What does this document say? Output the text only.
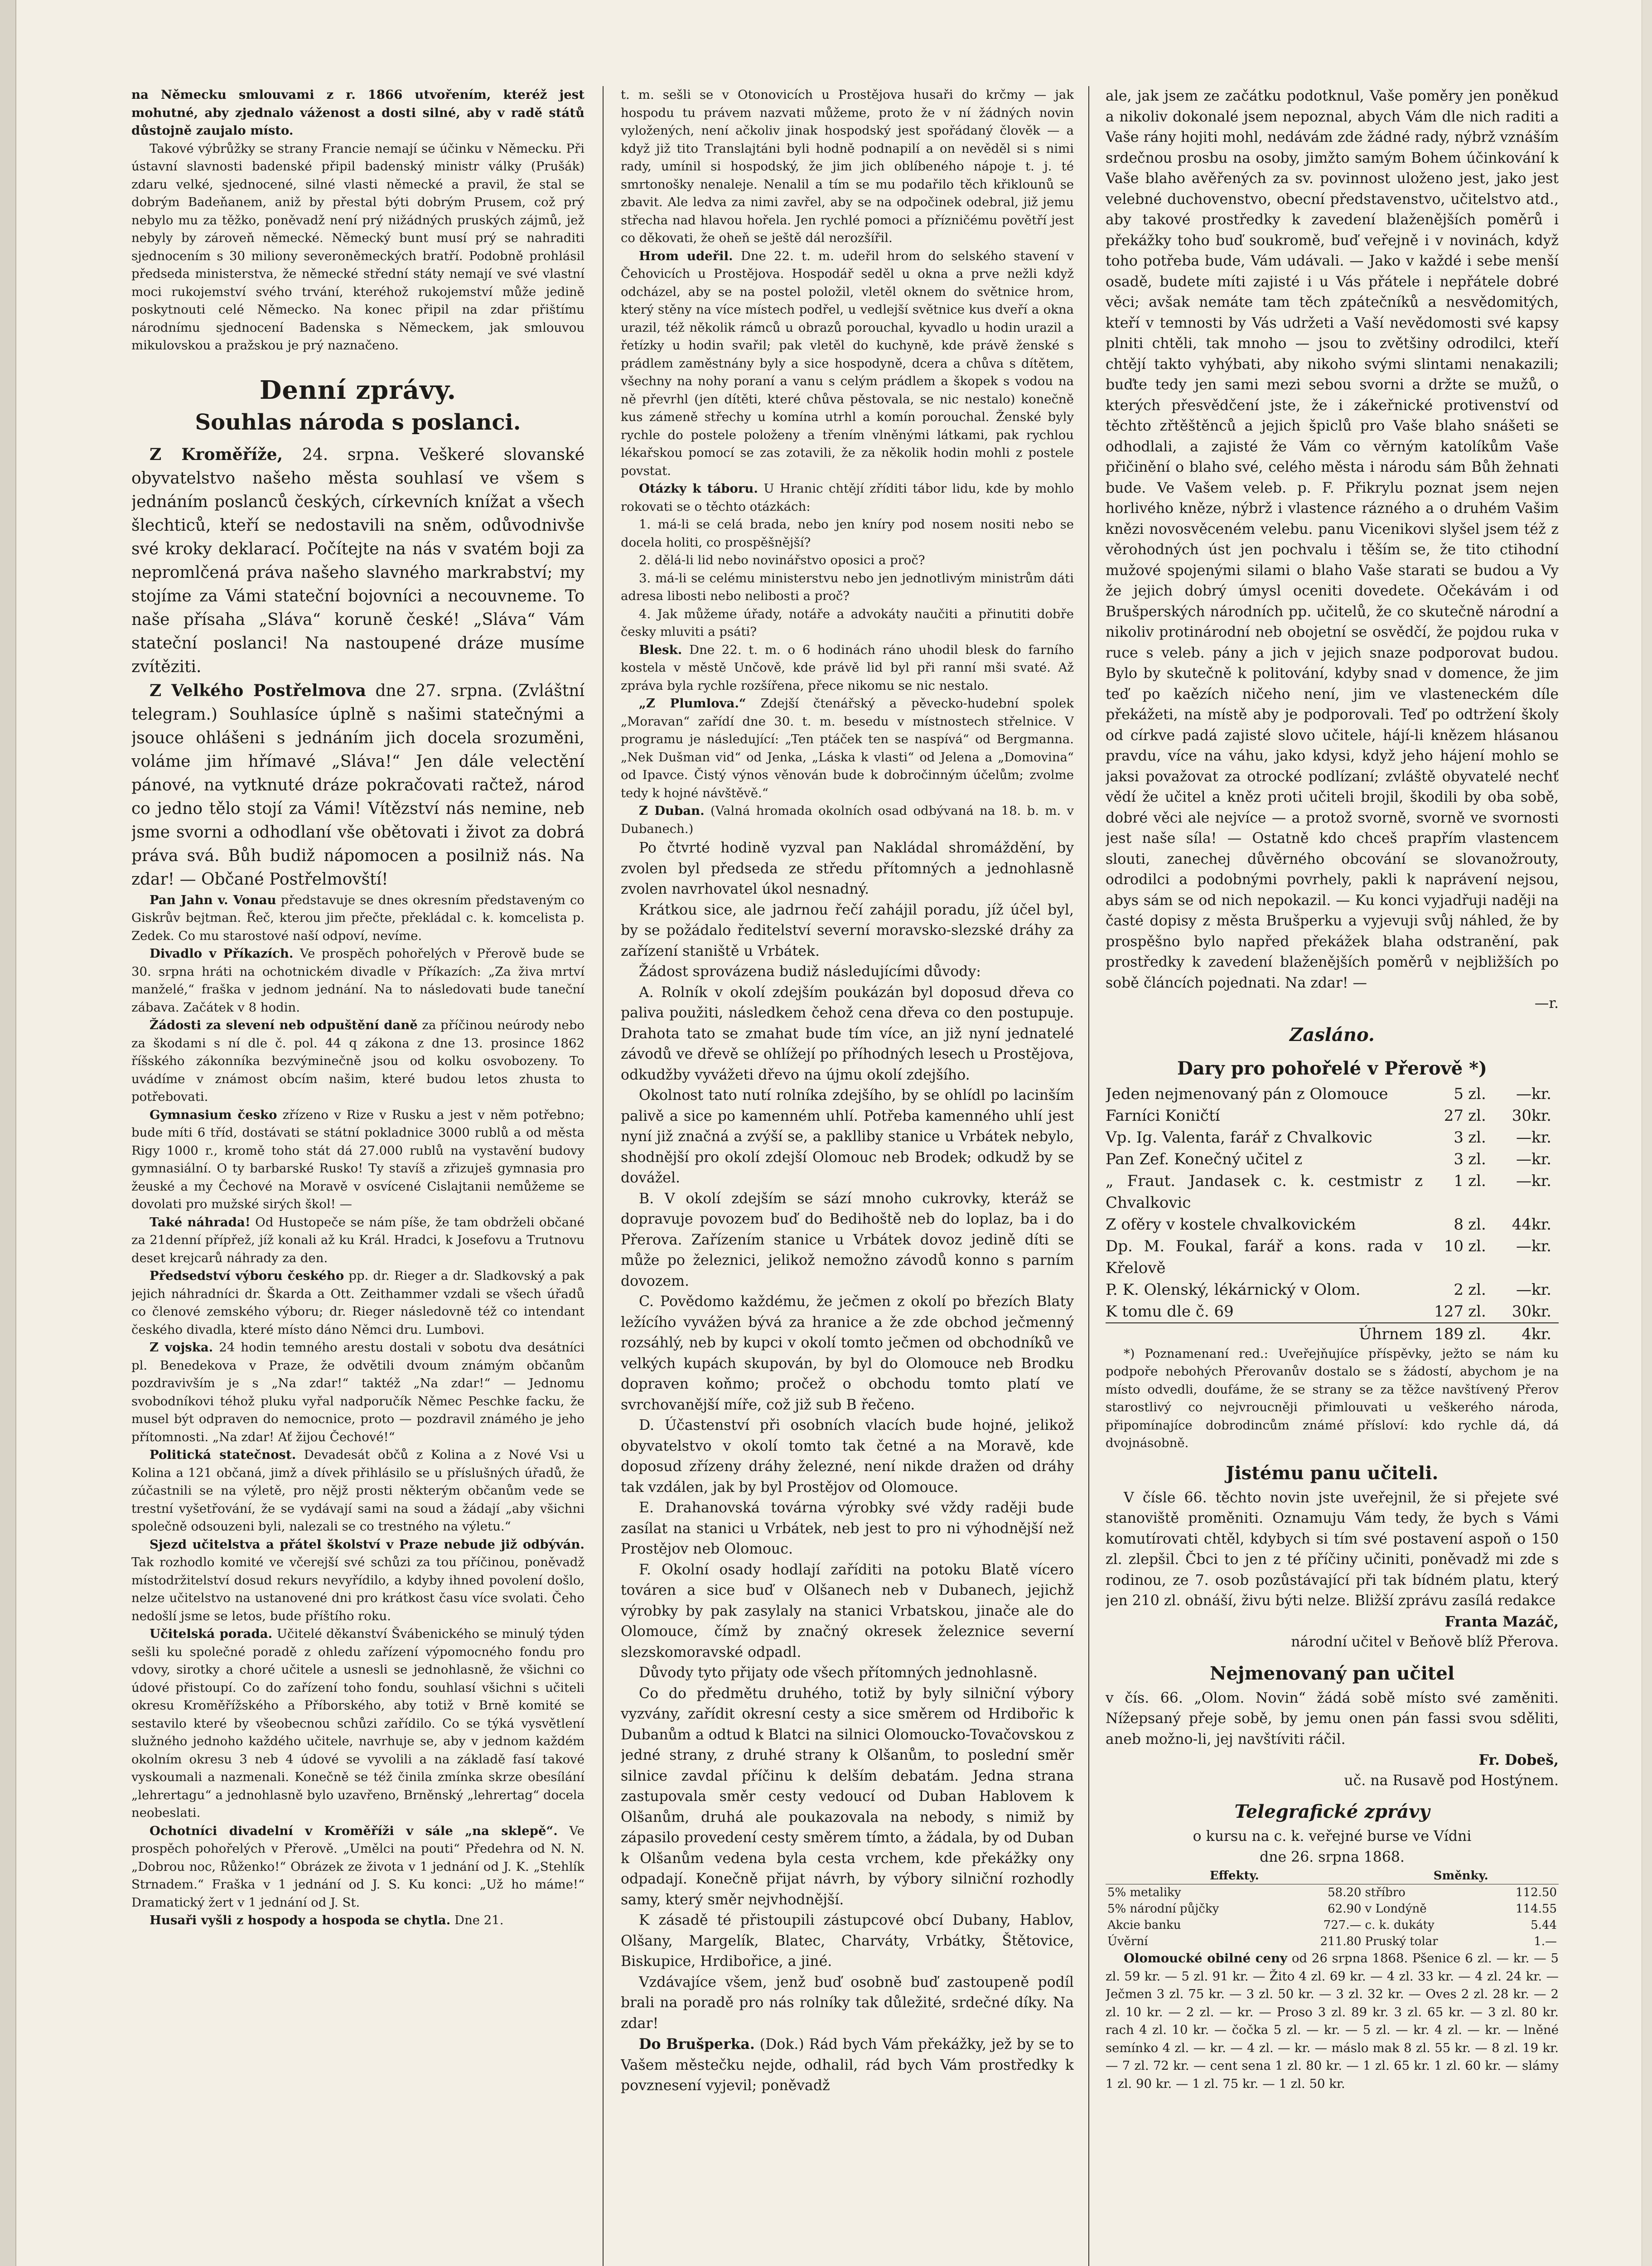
na Německu smlouvami z r. 1866 utvořením, kteréž jest mohutné, aby zjednalo váženost a dosti silné, aby v radě států důstojně zaujalo místo.

Takové výbrůžky se strany Francie nemají se účinku v Německu. Při ústavní slavnosti badenské připil badenský ministr války (Prušák) zdaru velké, sjednocené, silné vlasti německé a pravil, že stal se dobrým Badeňanem, aniž by přestal býti dobrým Prusem, což prý nebylo mu za těžko, poněvadž není prý nižádných pruských zájmů, jež nebyly by zároveň německé. Německý bunt musí prý se nahraditi sjednocením s 30 miliony severoněmeckých bratří. Podobně prohlásil předseda ministerstva, že německé střední státy nemají ve své vlastní moci rukojemství svého trvání, kteréhož rukojemství může jedině poskytnouti celé Německo. Na konec připil na zdar přištímu národnímu sjednocení Badenska s Německem, jak smlouvou mikulovskou a pražskou je prý naznačeno.

Denní zprávy.
Souhlas národa s poslanci.

Z Kroměříže, 24. srpna. Veškeré slovanské obyvatelstvo našeho města souhlasí ve všem s jednáním poslanců českých, církevních knížat a všech šlechticů, kteří se nedostavili na sněm, odůvodnivše své kroky deklarací. Počítejte na nás v svatém boji za nepromlčená práva našeho slavného markrabství; my stojíme za Vámi stateční bojovníci a necouvneme. To naše přísaha „Sláva“ koruně české! „Sláva“ Vám stateční poslanci! Na nastoupené dráze musíme zvítěziti.

Z Velkého Postřelmova dne 27. srpna. (Zvláštní telegram.) Souhlasíce úplně s našimi statečnými a jsouce ohlášeni s jednáním jich docela srozuměni, voláme jim hřímavé „Sláva!“ Jen dále velectění pánové, na vytknuté dráze pokračovati račtež, národ co jedno tělo stojí za Vámi! Vítězství nás nemine, neb jsme svorni a odhodlaní vše obětovati i život za dobrá práva svá. Bůh budiž nápomocen a posilniž nás. Na zdar! — Občané Postřelmovští!

Pan Jahn v. Vonau představuje se dnes okresním představeným co Giskrův bejtman. Řeč, kterou jim přečte, překládal c. k. komcelista p. Zedek. Co mu starostové naší odpoví, nevíme.

Divadlo v Příkazích. Ve prospěch pohořelých v Přerově bude se 30. srpna hráti na ochotnickém divadle v Příkazích: „Za živa mrtví manželé,“ fraška v jednom jednání. Na to následovati bude taneční zábava. Začátek v 8 hodin.

Žádosti za slevení neb odpuštění daně za příčinou neúrody nebo za škodami s ní dle č. pol. 44 q zákona z dne 13. prosince 1862 říšského zákonníka bezvýminečně jsou od kolku osvobozeny. To uvádíme v známost obcím našim, které budou letos zhusta to potřebovati.

Gymnasium česko zřízeno v Rize v Rusku a jest v něm potřebno; bude míti 6 tříd, dostávati se státní pokladnice 3000 rublů a od města Rigy 1000 r., kromě toho stát dá 27.000 rublů na vystavění budovy gymnasiální. O ty barbarské Rusko! Ty stavíš a zřizuješ gymnasia pro žeuské a my Čechové na Moravě v osvícené Cislajtanii nemůžeme se dovolati pro mužské sirých škol! —

Také náhrada! Od Hustopeče se nám píše, že tam obdrželi občané za 21denní přípřež, jíž konali až ku Král. Hradci, k Josefovu a Trutnovu deset krejcarů náhrady za den.

Předsedství výboru českého pp. dr. Rieger a dr. Sladkovský a pak jejich náhradníci dr. Škarda a Ott. Zeithammer vzdali se všech úřadů co členové zemského výboru; dr. Rieger následovně též co intendant českého divadla, které místo dáno Němci dru. Lumbovi.

Z vojska. 24 hodin temného arestu dostali v sobotu dva desátníci pl. Benedekova v Praze, že odvětili dvoum známým občanům pozdravivším je s „Na zdar!“ taktéž „Na zdar!“ — Jednomu svobodníkovi téhož pluku vyřal nadporučík Němec Peschke facku, že musel být odpraven do nemocnice, proto — pozdravil známého je jeho přítomnosti. „Na zdar! Ať žijou Čechové!“

Politická statečnost. Devadesát občů z Kolina a z Nové Vsi u Kolina a 121 občaná, jimž a dívek přihlásilo se u příslušných úřadů, že zúčastnili se na výletě, pro nějž prosti některým občanům vede se trestní vyšetřování, že se vydávají sami na soud a žádají „aby všichni společně odsouzeni byli, nalezali se co trestného na výletu.“

Sjezd učitelstva a přátel školství v Praze nebude již odbýván. Tak rozhodlo komité ve včerejší své schůzi za tou příčinou, poněvadž místodržitelství dosud rekurs nevyřídilo, a kdyby ihned povolení došlo, nelze učitelstvo na ustanovené dni pro krátkost času více svolati. Čeho nedošlí jsme se letos, bude příštího roku.

Učitelská porada. Učitelé děkanství Švábenického se minulý týden sešli ku společné poradě z ohledu zařízení výpomocného fondu pro vdovy, sirotky a choré učitele a usnesli se jednohlasně, že všichni co údové přistoupí. Co do zařízení toho fondu, souhlasí všichni s učiteli okresu Kroměřížského a Příborského, aby totiž v Brně komité se sestavilo které by všeobecnou schůzi zařídilo. Co se týká vysvětlení služného jednoho každého učitele, navrhuje se, aby v jednom každém okolním okresu 3 neb 4 údové se vyvolili a na základě fasí takové vyskoumali a nazmenali. Konečně se též činila zmínka skrze obesílání „lehrertagu“ a jednohlasně bylo uzavřeno, Brněnský „lehrertag“ docela neobeslati.

Ochotníci divadelní v Kroměříži v sále „na sklepě“. Ve prospěch pohořelých v Přerově. „Umělci na pouti“ Předehra od N. N. „Dobrou noc, Růženko!“ Obrázek ze života v 1 jednání od J. K. „Stehlík Strnadem.“ Fraška v 1 jednání od J. S. Ku konci: „Už ho máme!“ Dramatický žert v 1 jednání od J. St.

Husaři vyšli z hospody a hospoda se chytla. Dne 21.

t. m. sešli se v Otonovicích u Prostějova husaři do krčmy — jak hospodu tu právem nazvati můžeme, proto že v ní žádných novin vyložených, není ačkoliv jinak hospodský jest spořádaný člověk — a když již tito Translajtáni byli hodně podnapilí a on nevěděl si s nimi rady, umínil si hospodský, že jim jich oblíbeného nápoje t. j. té smrtonošky nenaleje. Nenalil a tím se mu podařilo těch křiklounů se zbavit. Ale ledva za nimi zavřel, aby se na odpočinek odebral, již jemu střecha nad hlavou hořela. Jen rychlé pomoci a přízničému povětří jest co děkovati, že oheň se ještě dál nerozšířil.

Hrom udeřil. Dne 22. t. m. udeřil hrom do selského stavení v Čehovicích u Prostějova. Hospodář seděl u okna a prve nežli když odcházel, aby se na postel položil, vletěl oknem do světnice hrom, který stěny na více místech podřel, u vedlejší světnice kus dveří a okna urazil, též několik rámců u obrazů porouchal, kyvadlo u hodin urazil a řetízky u hodin svařil; pak vletěl do kuchyně, kde právě ženské s prádlem zaměstnány byly a sice hospodyně, dcera a chůva s dítětem, všechny na nohy poraní a vanu s celým prádlem a škopek s vodou na ně převrhl (jen dítěti, které chůva pěstovala, se nic nestalo) konečně kus zámeně střechy u komína utrhl a komín porouchal. Ženské byly rychle do postele položeny a třením vlněnými látkami, pak rychlou lékařskou pomocí se zas zotavili, že za několik hodin mohli z postele povstat.

Otázky k táboru. U Hranic chtějí zříditi tábor lidu, kde by mohlo rokovati se o těchto otázkách:

1. má-li se celá brada, nebo jen kníry pod nosem nositi nebo se docela holiti, co prospěšnější?

2. dělá-li lid nebo novinářstvo oposici a proč?

3. má-li se celému ministerstvu nebo jen jednotlivým ministrům dáti adresa libosti nebo nelibosti a proč?

4. Jak můžeme úřady, notáře a advokáty naučiti a přinutiti dobře česky mluviti a psáti?

Blesk. Dne 22. t. m. o 6 hodinách ráno uhodil blesk do farního kostela v městě Unčově, kde právě lid byl při ranní mši svaté. Až zpráva byla rychle rozšířena, přece nikomu se nic nestalo.

„Z Plumlova.“ Zdejší čtenářský a pěvecko-hudební spolek „Moravan“ zařídí dne 30. t. m. besedu v místnostech střelnice. V programu je následující: „Ten ptáček ten se naspívá“ od Bergmanna. „Nek Dušman vid“ od Jenka, „Láska k vlasti“ od Jelena a „Domovina“ od Ipavce. Čistý výnos věnován bude k dobročinným účelům; zvolme tedy k hojné návštěvě.“

Z Duban. (Valná hromada okolních osad odbývaná na 18. b. m. v Dubanech.)

Po čtvrté hodině vyzval pan Nakládal shromáždění, by zvolen byl předseda ze středu přítomných a jednohlasně zvolen navrhovatel úkol nesnadný.

Krátkou sice, ale jadrnou řečí zahájil poradu, jíž účel byl, by se požádalo ředitelství severní moravsko-slezské dráhy za zařízení staniště u Vrbátek.

Žádost sprovázena budiž následujícími důvody:

A. Rolník v okolí zdejším poukázán byl doposud dřeva co paliva použiti, následkem čehož cena dřeva co den postupuje. Drahota tato se zmahat bude tím více, an již nyní jednatelé závodů ve dřevě se ohlížejí po příhodných lesech u Prostějova, odkudžby vyvážeti dřevo na újmu okolí zdejšího.

Okolnost tato nutí rolníka zdejšího, by se ohlídl po lacinším palivě a sice po kamenném uhlí. Potřeba kamenného uhlí jest nyní již značná a zvýší se, a paklliby stanice u Vrbátek nebylo, shodnější pro okolí zdejší Olomouc neb Brodek; odkudž by se dovážel.

B. V okolí zdejším se sází mnoho cukrovky, kteráž se dopravuje povozem buď do Bedihoště neb do loplaz, ba i do Přerova. Zařízením stanice u Vrbátek dovoz jedině díti se může po železnici, jelikož nemožno závodů konno s parním dovozem.

C. Povědomo každému, že ječmen z okolí po březích Blaty ležícího vyvážen bývá za hranice a že zde obchod ječmenný rozsáhlý, neb by kupci v okolí tomto ječmen od obchodníků ve velkých kupách skupován, by byl do Olomouce neb Brodku dopraven koňmo; pročež o obchodu tomto platí ve svrchovanější míře, což již sub B řečeno.

D. Účastenství při osobních vlacích bude hojné, jelikož obyvatelstvo v okolí tomto tak četné a na Moravě, kde doposud zřízeny dráhy železné, není nikde dražen od dráhy tak vzdálen, jak by byl Prostějov od Olomouce.

E. Drahanovská továrna výrobky své vždy raději bude zasílat na stanici u Vrbátek, neb jest to pro ni výhodnější než Prostějov neb Olomouc.

F. Okolní osady hodlají zaříditi na potoku Blatě vícero továren a sice buď v Olšanech neb v Dubanech, jejichž výrobky by pak zasylaly na stanici Vrbatskou, jinače ale do Olomouce, čímž by značný okresek železnice severní slezskomoravské odpadl.

Důvody tyto přijaty ode všech přítomných jednohlasně.

Co do předmětu druhého, totiž by byly silniční výbory vyzvány, zařídit okresní cesty a sice směrem od Hrdibořic k Dubanům a odtud k Blatci na silnici Olomoucko-Tovačovskou z jedné strany, z druhé strany k Olšanům, to poslední směr silnice zavdal příčinu k delším debatám. Jedna strana zastupovala směr cesty vedoucí od Duban Hablovem k Olšanům, druhá ale poukazovala na nebody, s nimiž by zápasilo provedení cesty směrem tímto, a žádala, by od Duban k Olšanům vedena byla cesta vrchem, kde překážky ony odpadají. Konečně přijat návrh, by výbory silniční rozhodly samy, který směr nejvhodnější.

K zásadě té přistoupili zástupcové obcí Dubany, Hablov, Olšany, Margelík, Blatec, Charváty, Vrbátky, Štětovice, Biskupice, Hrdibořice, a jiné.

Vzdávajíce všem, jenž buď osobně buď zastoupeně podíl brali na poradě pro nás rolníky tak důležité, srdečné díky. Na zdar!

Do Brušperka. (Dok.) Rád bych Vám překážky, jež by se to Vašem městečku nejde, odhalil, rád bych Vám prostředky k povznesení vyjevil; poněvadž

ale, jak jsem ze začátku podotknul, Vaše poměry jen poněkud a nikoliv dokonalé jsem nepoznal, abych Vám dle nich raditi a Vaše rány hojiti mohl, nedávám zde žádné rady, nýbrž vznáším srdečnou prosbu na osoby, jimžto samým Bohem účinkování k Vaše blaho avěřených za sv. povinnost uloženo jest, jako jest velebné duchovenstvo, obecní představenstvo, učitelstvo atd., aby takové prostředky k zavedení blaženějších poměrů i překážky toho buď soukromě, buď veřejně i v novinách, když toho potřeba bude, Vám udávali. — Jako v každé i sebe menší osadě, budete míti zajisté i u Vás přátele i nepřátele dobré věci; avšak nemáte tam těch zpátečníků a nesvědomitých, kteří v temnosti by Vás udržeti a Vaší nevědomosti své kapsy plniti chtěli, tak mnoho — jsou to zvětšiny odrodilci, kteří chtějí takto vyhýbati, aby nikoho svými slintami nenakazili; buďte tedy jen sami mezi sebou svorni a držte se mužů, o kterých přesvědčení jste, že i zákeřnické protivenství od těchto zřtěštěnců a jejich špiclů pro Vaše blaho snášeti se odhodlali, a zajisté že Vám co věrným katolíkům Vaše přičinění o blaho své, celého města i národu sám Bůh žehnati bude. Ve Vašem veleb. p. F. Přikrylu poznat jsem nejen horlivého kněze, nýbrž i vlastence rázného a o druhém Vašim knězi novosvěceném velebu. panu Vicenikovi slyšel jsem též z věrohodných úst jen pochvalu i těším se, že tito ctihodní mužové spojenými silami o blaho Vaše starati se budou a Vy že jejich dobrý úmysl oceniti dovedete. Očekávám i od Brušperských národních pp. učitelů, že co skutečně národní a nikoliv protinárodní neb obojetní se osvědčí, že pojdou ruka v ruce s veleb. pány a jich v jejich snaze podporovat budou. Bylo by skutečně k politování, kdyby snad v domence, že jim teď po kaězích ničeho není, jim ve vlasteneckém díle překážeti, na místě aby je podporovali. Teď po odtržení školy od církve padá zajisté slovo učitele, hájí-li knězem hlásanou pravdu, více na váhu, jako kdysi, když jeho hájení mohlo se jaksi považovat za otrocké podlízaní; zvláště obyvatelé nechť vědí že učitel a kněz proti učiteli brojil, škodili by oba sobě, dobré věci ale nejvíce — a protož svorně, svorně ve svornosti jest naše síla! — Ostatně kdo chceš prapřím vlastencem slouti, zanechej důvěrného obcování se slovanožrouty, odrodilci a podobnými povrhely, pakli k naprávení nejsou, abys sám se od nich nepokazil. — Ku konci vyjadřuji naději na časté dopisy z města Brušperku a vyjevuji svůj náhled, že by prospěšno bylo napřed překážek blaha odstranění, pak prostředky k zavedení blaženějších poměrů v nejbližších po sobě článcích pojednati. Na zdar! —

—r.

Zasláno.
Dary pro pohořelé v Přerově *)
Jeden nejmenovaný pán z Olomouce	5	zl.	—	kr.
Farníci Koničtí	27	zl.	30	kr.
Vp. Ig. Valenta, farář z Chvalkovic	3	zl.	—	kr.
Pan Zef. Konečný učitel z	3	zl.	—	kr.
„ Fraut. Jandasek c. k. cestmistr z Chvalkovic	1	zl.	—	kr.
Z ofěry v kostele chvalkovickém	8	zl.	44	kr.
Dp. M. Foukal, farář a kons. rada v Křelově	10	zl.	—	kr.
P. K. Olenský, lékárnický v Olom.	2	zl.	—	kr.
K tomu dle č. 69	127	zl.	30	kr.
Úhrnem	189	zl.	4	kr.

*) Poznamenaní red.: Uveřejňujíce příspěvky, ježto se nám ku podpoře nebohých Přerovanův dostalo se s žádostí, abychom je na místo odvedli, doufáme, že se strany se za těžce navštívený Přerov starostlivý co nejvroucněji přimlouvati u veškerého národa, připomínajíce dobrodincům známé přísloví: kdo rychle dá, dá dvojnásobně.

Jistému panu učiteli.

V čísle 66. těchto novin jste uveřejnil, že si přejete své stanoviště proměniti. Oznamuju Vám tedy, že bych s Vámi komutírovati chtěl, kdybych si tím své postavení aspoň o 150 zl. zlepšil. Čbci to jen z té příčiny učiniti, poněvadž mi zde s rodinou, ze 7. osob pozůstávající při tak bídném platu, který jen 210 zl. obnáší, živu býti nelze. Bližší zprávu zasílá redakce

Franta Mazáč,

národní učitel v Beňově blíž Přerova.

Nejmenovaný pan učitel

v čís. 66. „Olom. Novin“ žádá sobě místo své zaměniti. Nížepsaný přeje sobě, by jemu onen pán fassi svou sděliti, aneb možno-li, jej navštíviti ráčil.

Fr. Dobeš,

uč. na Rusavě pod Hostýnem.

Telegrafické zprávy

o kursu na c. k. veřejné burse ve Vídni

dne 26. srpna 1868.

Effekty.		Směnky.	
5% metaliky	58.20	stříbro	112.50
5% národní půjčky	62.90	v Londýně	114.55
Akcie banku	727.—	c. k. dukáty	5.44
Úvěrní	211.80	Pruský tolar	1.—

Olomoucké obilné ceny od 26 srpna 1868. Pšenice 6 zl. — kr. — 5 zl. 59 kr. — 5 zl. 91 kr. — Žito 4 zl. 69 kr. — 4 zl. 33 kr. — 4 zl. 24 kr. — Ječmen 3 zl. 75 kr. — 3 zl. 50 kr. — 3 zl. 32 kr. — Oves 2 zl. 28 kr. — 2 zl. 10 kr. — 2 zl. — kr. — Proso 3 zl. 89 kr. 3 zl. 65 kr. — 3 zl. 80 kr. rach 4 zl. 10 kr. — čočka 5 zl. — kr. — 5 zl. — kr. 4 zl. — kr. — lněné semínko 4 zl. — kr. — 4 zl. — kr. — máslo mak 8 zl. 55 kr. — 8 zl. 19 kr. — 7 zl. 72 kr. — cent sena 1 zl. 80 kr. — 1 zl. 65 kr. 1 zl. 60 kr. — slámy 1 zl. 90 kr. — 1 zl. 75 kr. — 1 zl. 50 kr.
